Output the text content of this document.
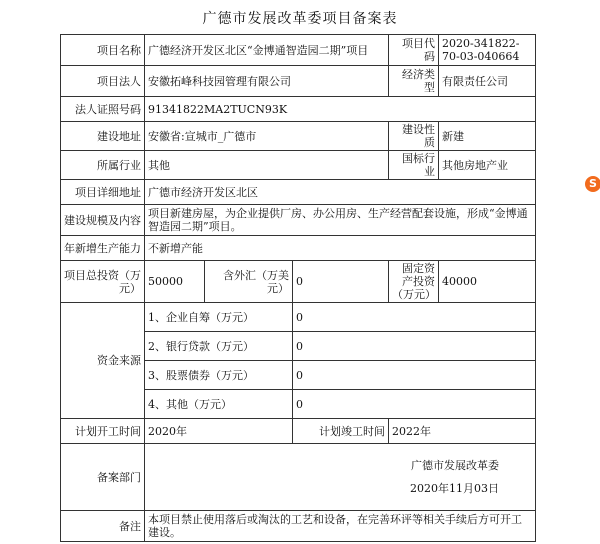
广德市发展改革委项目备案表
项目名称	广德经济开发区北区“金博通智造园二期”项目			项目代码	2020-341822-70-03-040664
项目法人	安徽拓峰科技园管理有限公司			经济类型	有限责任公司
法人证照号码	91341822MA2TUCN93K				
建设地址	安徽省:宣城市_广德市			建设性质	新建
所属行业	其他			国标行业	其他房地产业
项目详细地址	广德市经济开发区北区				
建设规模及内容	项目新建房屋，为企业提供厂房、办公用房、生产经营配套设施，形成“金博通智造园二期”项目。				
年新增生产能力	不新增产能				
项目总投资（万元）	50000	含外汇（万美元）	0	固定资产投资（万元）	40000
资金来源	1、企业自筹（万元）		0		
	2、银行贷款（万元）		0		
	3、股票债券（万元）		0		
	4、其他（万元）		0		
计划开工时间	2020年		计划竣工时间	2022年	
备案部门	广德市发展改革委
2020年11月03日				

备注	本项目禁止使用落后或淘汰的工艺和设备，在完善环评等相关手续后方可开工建设。				
S
